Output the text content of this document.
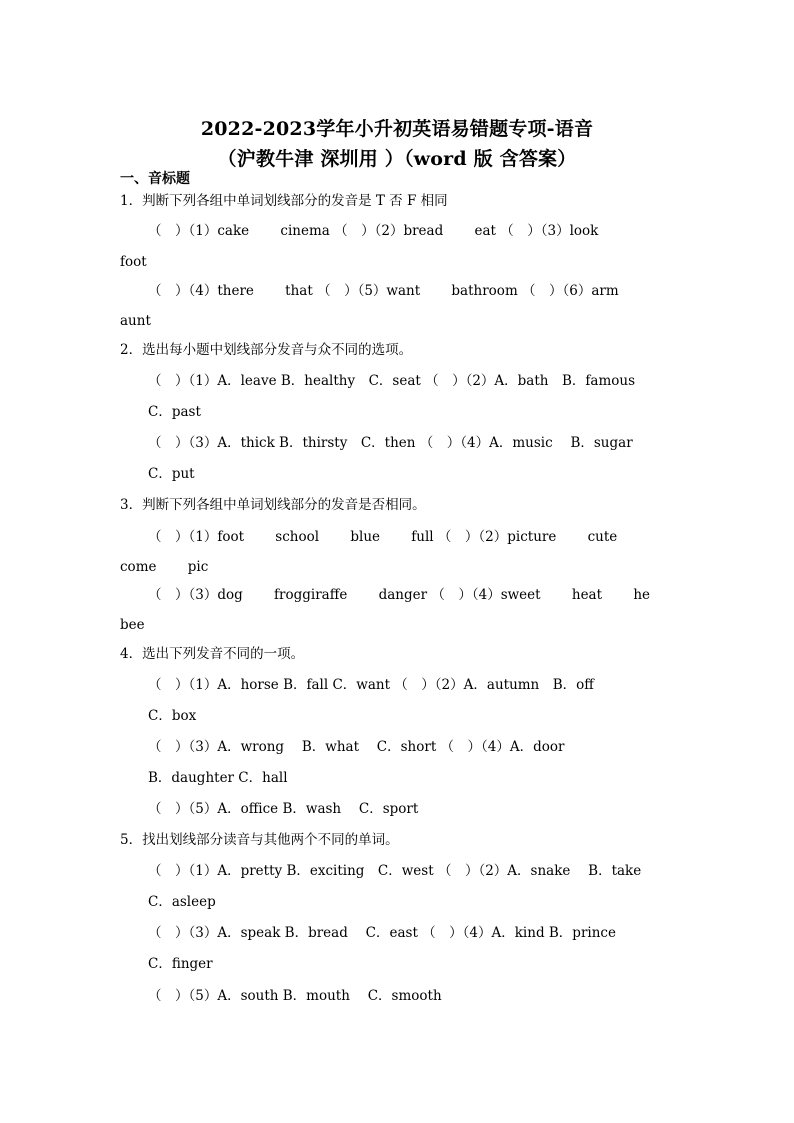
2022-2023学年小升初英语易错题专项-语音
（沪教牛津 深圳用 ）（word 版 含答案）
一、音标题
1．判断下列各组中单词划线部分的发音是 T 否 F 相同
（　）（1）cake　　 cinema （　）（2）bread　　 eat （　）（3）look
foot
（　）（4）there　　 that （　）（5）want　　 bathroom （　）（6）arm
aunt
2．选出每小题中划线部分发音与众不同的选项。
（　）（1）A．leave B．healthy　C．seat （　）（2）A．bath　B．famous
C．past
（　）（3）A．thick B．thirsty　C．then （　）（4）A．music　 B．sugar
C．put
3．判断下列各组中单词划线部分的发音是否相同。
（　）（1）foot　　 school　　 blue　　 full （　）（2）picture　　 cute
come　　 pic
（　）（3）dog　　 froggiraffe　　 danger （　）（4）sweet　　 heat　　 he
bee
4．选出下列发音不同的一项。
（　）（1）A．horse B．fall C．want （　）（2）A．autumn　B．off
C．box
（　）（3）A．wrong　 B．what　 C．short （　）（4）A．door
B．daughter C．hall
（　）（5）A．office B．wash　 C．sport
5．找出划线部分读音与其他两个不同的单词。
（　）（1）A．pretty B．exciting　C．west （　）（2）A．snake　 B．take
C．asleep
（　）（3）A．speak B．bread　 C．east （　）（4）A．kind B．prince
C．finger
（　）（5）A．south B．mouth　 C．smooth
